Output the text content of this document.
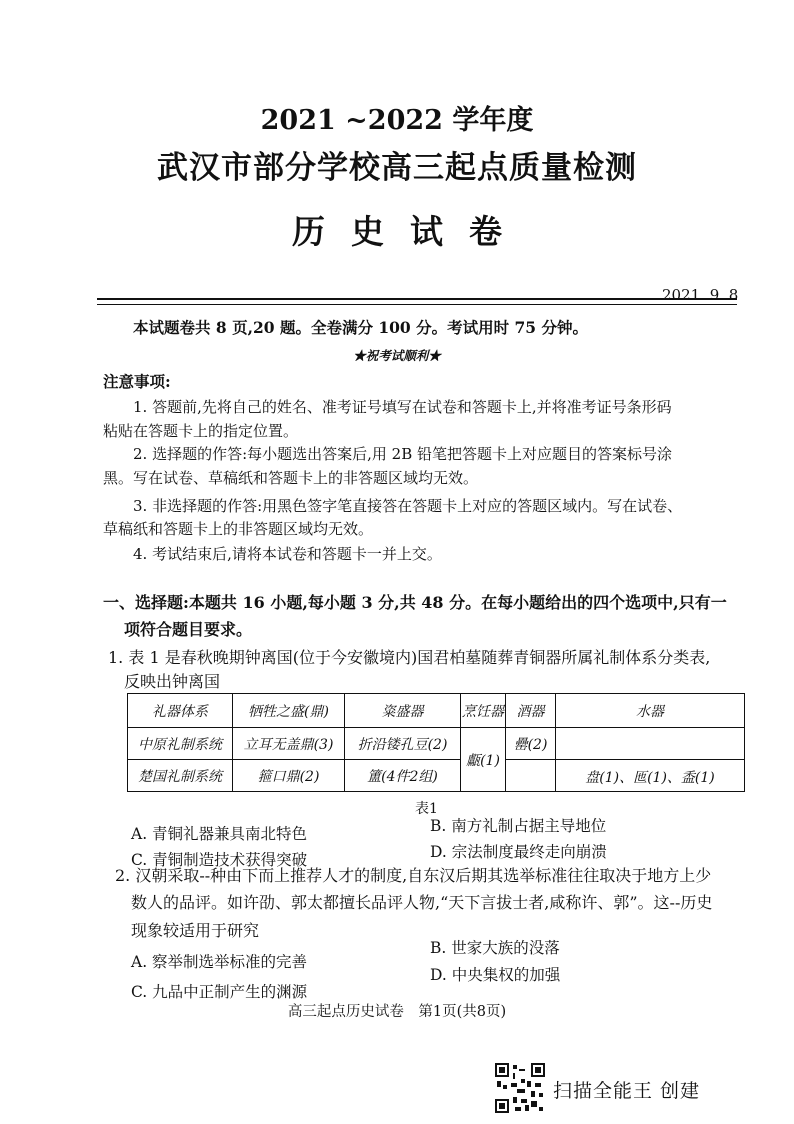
2021 ~2022 学年度
武汉市部分学校高三起点质量检测
历史试卷
2021. 9. 8
本试题卷共 8 页,20 题。全卷满分 100 分。考试用时 75 分钟。
★祝考试顺利★
注意事项:
1. 答题前,先将自己的姓名、准考证号填写在试卷和答题卡上,并将准考证号条形码
粘贴在答题卡上的指定位置。
2. 选择题的作答:每小题选出答案后,用 2B 铅笔把答题卡上对应题目的答案标号涂
黑。写在试卷、草稿纸和答题卡上的非答题区域均无效。
3. 非选择题的作答:用黑色签字笔直接答在答题卡上对应的答题区域内。写在试卷、
草稿纸和答题卡上的非答题区域均无效。
4. 考试结束后,请将本试卷和答题卡一并上交。
一、选择题:本题共 16 小题,每小题 3 分,共 48 分。在每小题给出的四个选项中,只有一
项符合题目要求。
1. 表 1 是春秋晚期钟离国(位于今安徽境内)国君柏墓随葬青铜器所属礼制体系分类表,
反映出钟离国
礼器体系	牺牲之盛(鼎)	粢盛器	烹饪器	酒器	水器
中原礼制系统	立耳无盖鼎(3)	折沿镂孔豆(2)	甗(1)	罍(2)	
楚国礼制系统	箍口鼎(2)	簠(4件2组)			盘(1)、匜(1)、盉(1)
表1
A. 青铜礼器兼具南北特色	B. 南方礼制占据主导地位
C. 青铜制造技术获得突破	D. 宗法制度最终走向崩溃
2. 汉朝采取--种由下而上推荐人才的制度,自东汉后期其选举标准往往取决于地方上少
数人的品评。如许劭、郭太都擅长品评人物,“天下言拔士者,咸称许、郭”。这--历史
现象较适用于研究
A. 察举制选举标准的完善
B. 世家大族的没落
C. 九品中正制产生的渊源
D. 中央集权的加强
高三起点历史试卷　第1页(共8页)
扫描全能王 创建
